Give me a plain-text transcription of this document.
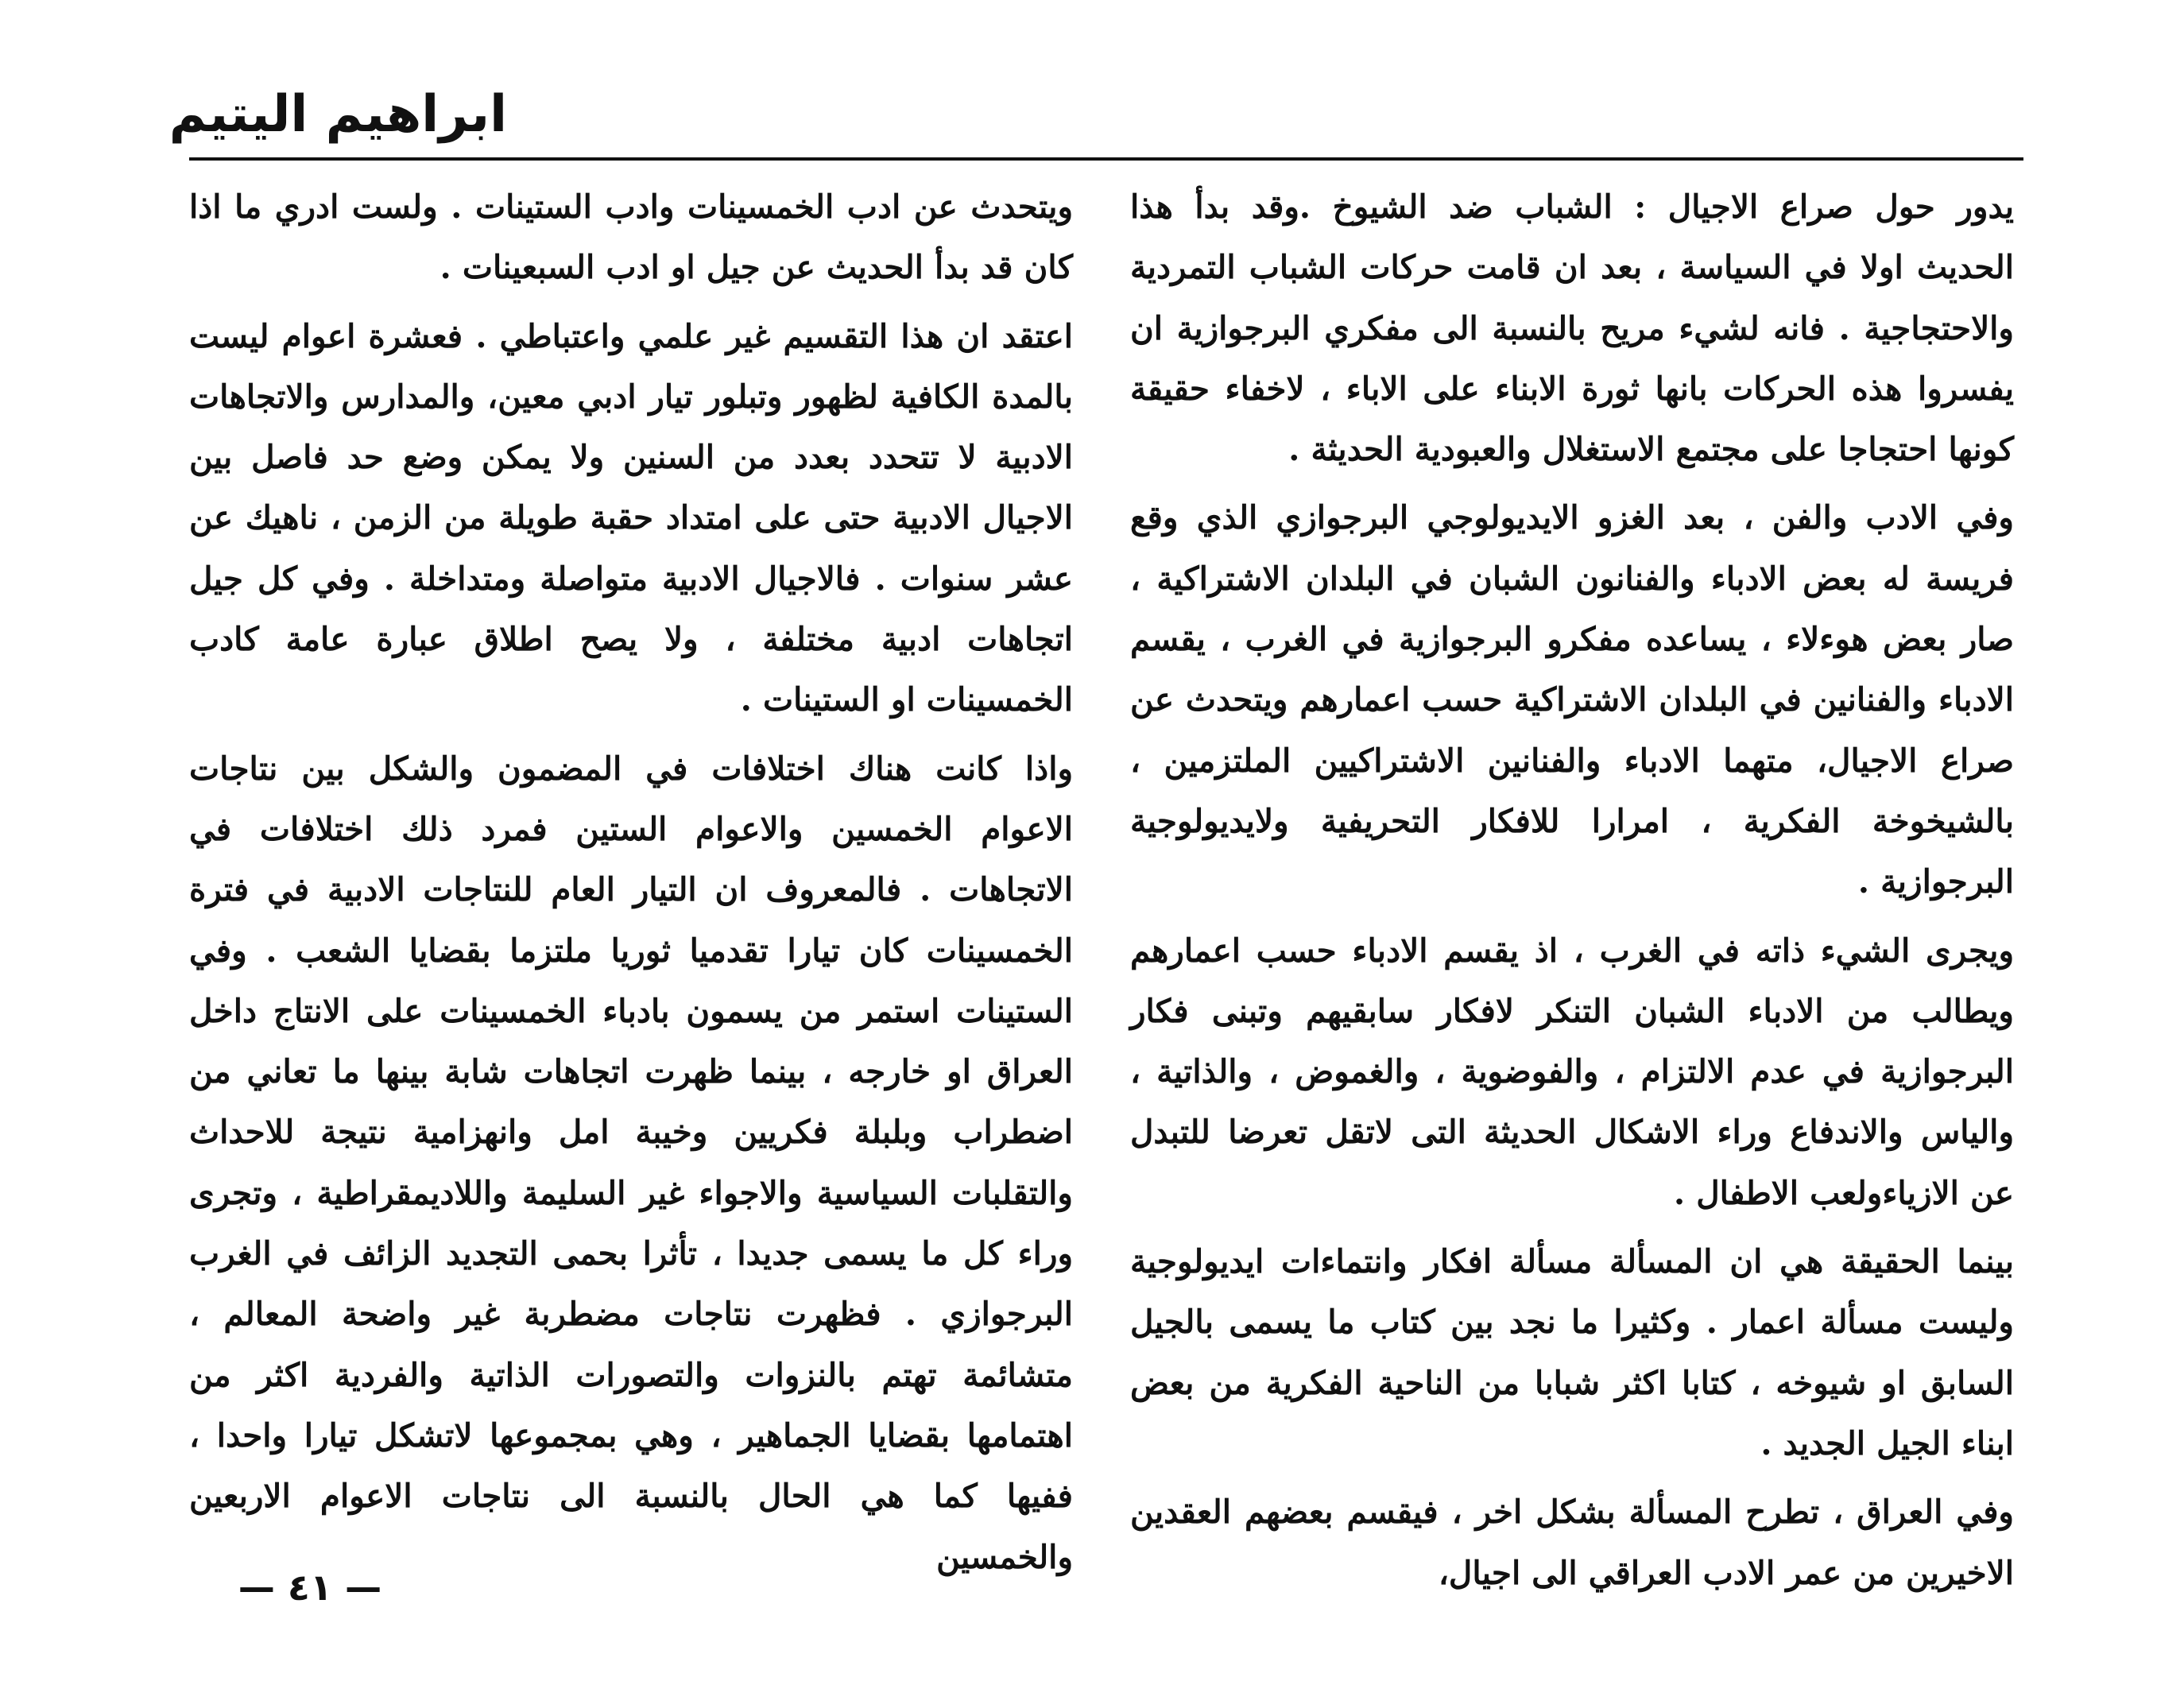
ابراهيم اليتيم

يدور حول صراع الاجيال : الشباب ضد الشيوخ .وقد بدأ هذا الحديث اولا في السياسة ، بعد ان قامت حركات الشباب التمردية والاحتجاجية . فانه لشيء مريح بالنسبة الى مفكري البرجوازية ان يفسروا هذه الحركات بانها ثورة الابناء على الاباء ، لاخفاء حقيقة كونها احتجاجا على مجتمع الاستغلال والعبودية الحديثة .

وفي الادب والفن ، بعد الغزو الايديولوجي البرجوازي الذي وقع فريسة له بعض الادباء والفنانون الشبان في البلدان الاشتراكية ، صار بعض هوءلاء ، يساعده مفكرو البرجوازية في الغرب ، يقسم الادباء والفنانين في البلدان الاشتراكية حسب اعمارهم ويتحدث عن صراع الاجيال، متهما الادباء والفنانين الاشتراكيين الملتزمين ، بالشيخوخة الفكرية ، امرارا للافكار التحريفية ولايديولوجية البرجوازية .

ويجرى الشيء ذاته في الغرب ، اذ يقسم الادباء حسب اعمارهم ويطالب من الادباء الشبان التنكر لافكار سابقيهم وتبنى فكار البرجوازية في عدم الالتزام ، والفوضوية ، والغموض ، والذاتية ، والياس والاندفاع وراء الاشكال الحديثة التى لاتقل تعرضا للتبدل عن الازياءولعب الاطفال .

بينما الحقيقة هي ان المسألة مسألة افكار وانتماءات ايديولوجية وليست مسألة اعمار . وكثيرا ما نجد بين كتاب ما يسمى بالجيل السابق او شيوخه ، كتابا اكثر شبابا من الناحية الفكرية من بعض ابناء الجيل الجديد .

وفي العراق ، تطرح المسألة بشكل اخر ، فيقسم بعضهم العقدين الاخيرين من عمر الادب العراقي الى اجيال،

ويتحدث عن ادب الخمسينات وادب الستينات . ولست ادري ما اذا كان قد بدأ الحديث عن جيل او ادب السبعينات .

اعتقد ان هذا التقسيم غير علمي واعتباطي . فعشرة اعوام ليست بالمدة الكافية لظهور وتبلور تيار ادبي معين، والمدارس والاتجاهات الادبية لا تتحدد بعدد من السنين ولا يمكن وضع حد فاصل بين الاجيال الادبية حتى على امتداد حقبة طويلة من الزمن ، ناهيك عن عشر سنوات . فالاجيال الادبية متواصلة ومتداخلة . وفي كل جيل اتجاهات ادبية مختلفة ، ولا يصح اطلاق عبارة عامة كادب الخمسينات او الستينات .

واذا كانت هناك اختلافات في المضمون والشكل بين نتاجات الاعوام الخمسين والاعوام الستين فمرد ذلك اختلافات في الاتجاهات . فالمعروف ان التيار العام للنتاجات الادبية في فترة الخمسينات كان تيارا تقدميا ثوريا ملتزما بقضايا الشعب . وفي الستينات استمر من يسمون بادباء الخمسينات على الانتاج داخل العراق او خارجه ، بينما ظهرت اتجاهات شابة بينها ما تعاني من اضطراب وبلبلة فكريين وخيبة امل وانهزامية نتيجة للاحداث والتقلبات السياسية والاجواء غير السليمة واللاديمقراطية ، وتجرى وراء كل ما يسمى جديدا ، تأثرا بحمى التجديد الزائف في الغرب البرجوازي . فظهرت نتاجات مضطربة غير واضحة المعالم ، متشائمة تهتم بالنزوات والتصورات الذاتية والفردية اكثر من اهتمامها بقضايا الجماهير ، وهي بمجموعها لاتشكل تيارا واحدا ، ففيها كما هي الحال بالنسبة الى نتاجات الاعوام الاربعين والخمسين

— ٤١ —
